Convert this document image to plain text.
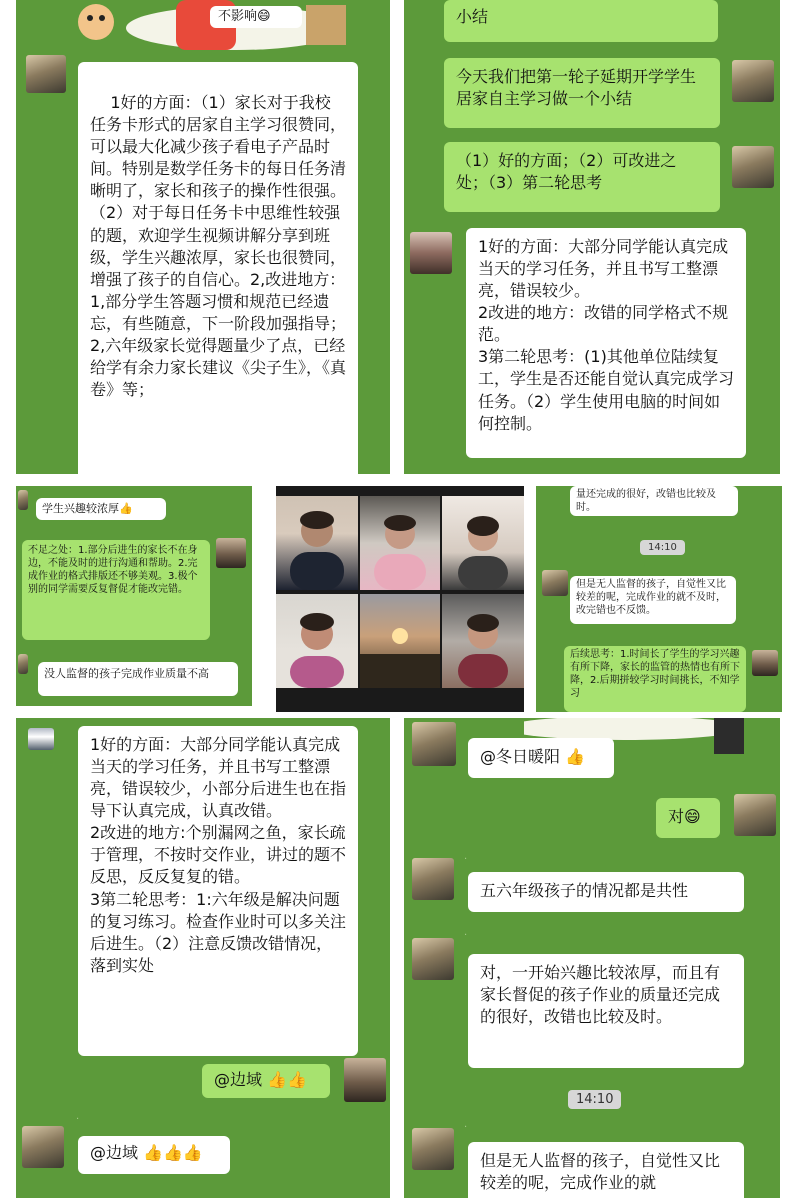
不影响😄

1好的方面：（1）家长对于我校任务卡形式的居家自主学习很赞同，可以最大化减少孩子看电子产品时间。特别是数学任务卡的每日任务清晰明了，家长和孩子的操作性很强。（2）对于每日任务卡中思维性较强的题，欢迎学生视频讲解分享到班级，学生兴趣浓厚，家长也很赞同，增强了孩子的自信心。2,改进地方：1,部分学生答题习惯和规范已经遗忘，有些随意，下一阶段加强指导；2,六年级家长觉得题量少了点，已经给学有余力家长建议《尖子生》，《真卷》等；

小结
今天我们把第一轮子延期开学学生居家自主学习做一个小结
（1）好的方面；（2）可改进之处；（3）第二轮思考
1好的方面：大部分同学能认真完成当天的学习任务，并且书写工整漂亮，错误较少。
2改进的地方：改错的同学格式不规范。
3第二轮思考：(1)其他单位陆续复工，学生是否还能自觉认真完成学习任务。（2）学生使用电脑的时间如何控制。
学生兴趣较浓厚👍
不足之处：1.部分后进生的家长不在身边，不能及时的进行沟通和帮助。2.完成作业的格式排版还不够美观。3.极个别的同学需要反复督促才能改完错。
没人监督的孩子完成作业质量不高
量还完成的很好，改错也比较及时。
14:10
但是无人监督的孩子，自觉性又比较差的呢，完成作业的就不及时，改完错也不反馈。
后续思考：1.时间长了学生的学习兴趣有所下降，家长的监管的热情也有所下降，2.后期拼较学习时间挑长，不知学习
1好的方面：大部分同学能认真完成当天的学习任务，并且书写工整漂亮，错误较少，小部分后进生也在指导下认真完成，认真改错。
2改进的地方:个别漏网之鱼，家长疏于管理，不按时交作业，讲过的题不反思，反反复复的错。
3第二轮思考：1:六年级是解决问题的复习练习。检查作业时可以多关注后进生。（2）注意反馈改错情况，落到实处
@边域 👍👍
·
@边域 👍👍👍
@冬日暖阳 👍
对😄
·
五六年级孩子的情况都是共性
·
对，一开始兴趣比较浓厚，而且有家长督促的孩子作业的质量还完成的很好，改错也比较及时。
14:10
·
但是无人监督的孩子，自觉性又比较差的呢，完成作业的就
